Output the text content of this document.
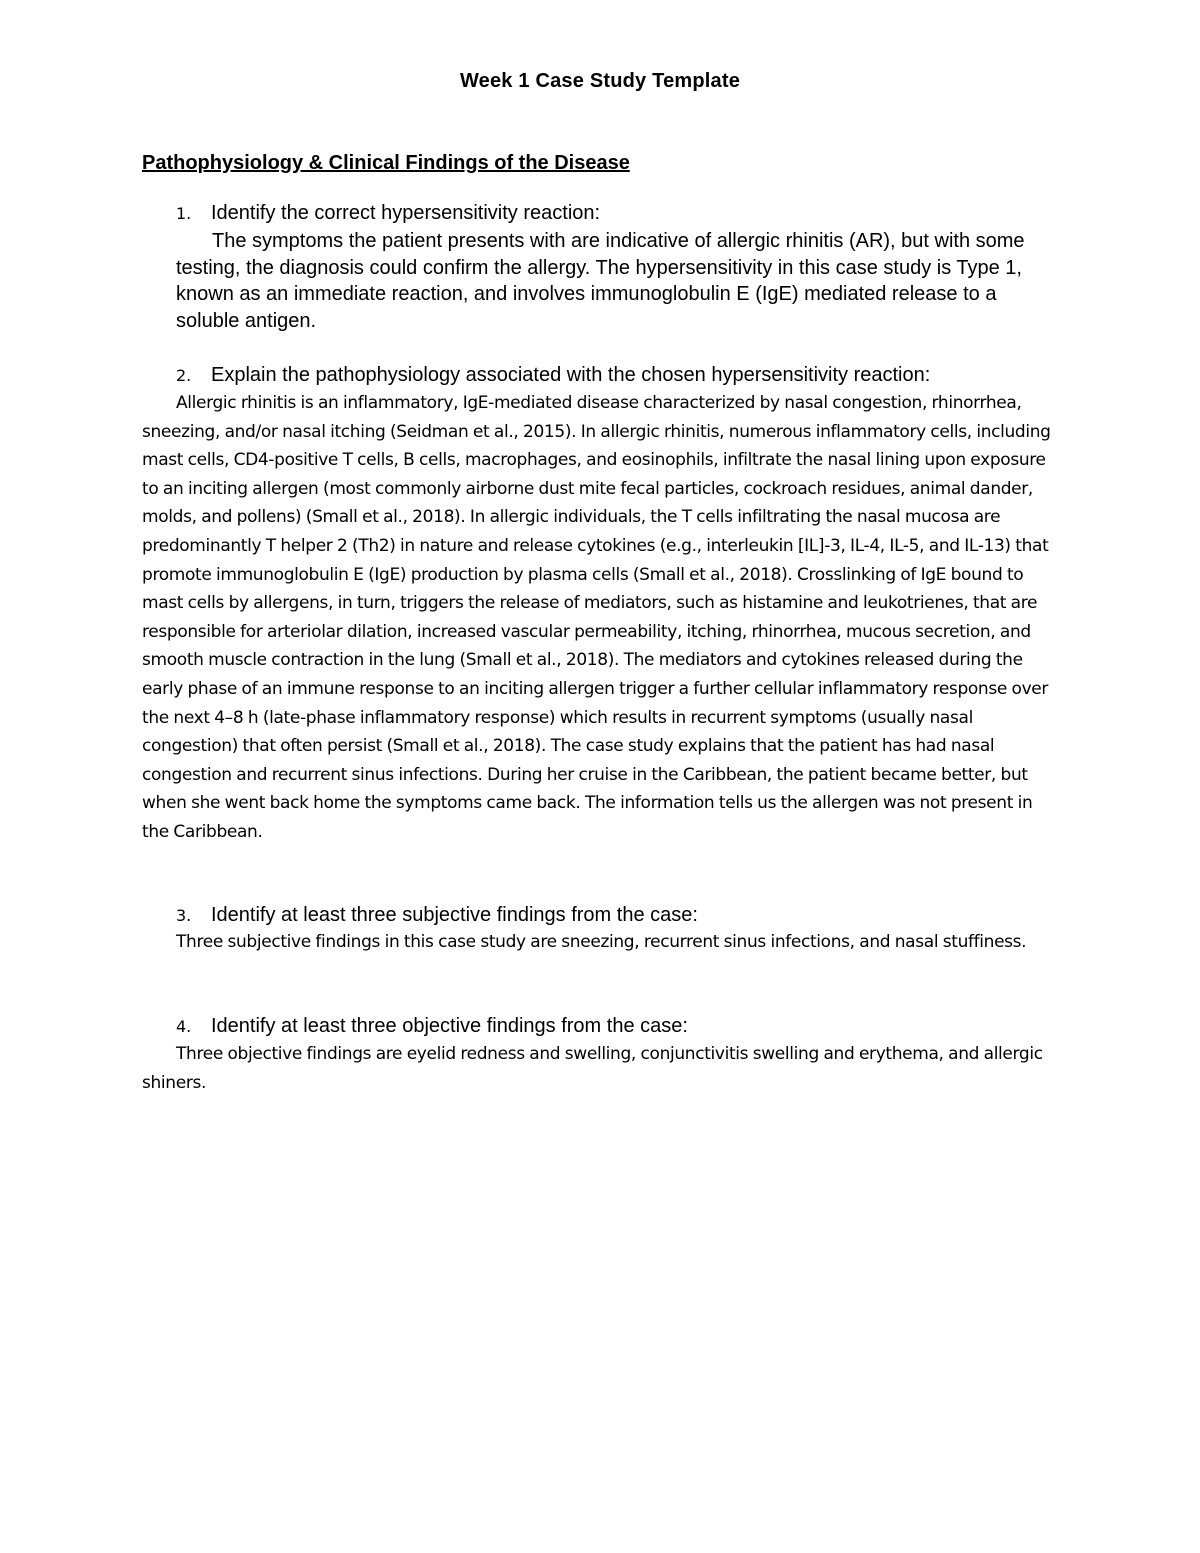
Week 1 Case Study Template
Pathophysiology & Clinical Findings of the Disease

1. Identify the correct hypersensitivity reaction:

The symptoms the patient presents with are indicative of allergic rhinitis (AR), but with some testing, the diagnosis could confirm the allergy. The hypersensitivity in this case study is Type 1, known as an immediate reaction, and involves immunoglobulin E (IgE) mediated release to a soluble antigen.

2. Explain the pathophysiology associated with the chosen hypersensitivity reaction:

Allergic rhinitis is an inflammatory, IgE-mediated disease characterized by nasal congestion, rhinorrhea, sneezing, and/or nasal itching (Seidman et al., 2015). In allergic rhinitis, numerous inflammatory cells, including mast cells, CD4-positive T cells, B cells, macrophages, and eosinophils, infiltrate the nasal lining upon exposure to an inciting allergen (most commonly airborne dust mite fecal particles, cockroach residues, animal dander, molds, and pollens) (Small et al., 2018). In allergic individuals, the T cells infiltrating the nasal mucosa are predominantly T helper 2 (Th2) in nature and release cytokines (e.g., interleukin [IL]-3, IL-4, IL-5, and IL-13) that promote immunoglobulin E (IgE) production by plasma cells (Small et al., 2018). Crosslinking of IgE bound to mast cells by allergens, in turn, triggers the release of mediators, such as histamine and leukotrienes, that are responsible for arteriolar dilation, increased vascular permeability, itching, rhinorrhea, mucous secretion, and smooth muscle contraction in the lung (Small et al., 2018). The mediators and cytokines released during the early phase of an immune response to an inciting allergen trigger a further cellular inflammatory response over the next 4–8 h (late-phase inflammatory response) which results in recurrent symptoms (usually nasal congestion) that often persist (Small et al., 2018). The case study explains that the patient has had nasal congestion and recurrent sinus infections. During her cruise in the Caribbean, the patient became better, but when she went back home the symptoms came back. The information tells us the allergen was not present in the Caribbean.

3. Identify at least three subjective findings from the case:

Three subjective findings in this case study are sneezing, recurrent sinus infections, and nasal stuffiness.

4. Identify at least three objective findings from the case:

Three objective findings are eyelid redness and swelling, conjunctivitis swelling and erythema, and allergic shiners.
